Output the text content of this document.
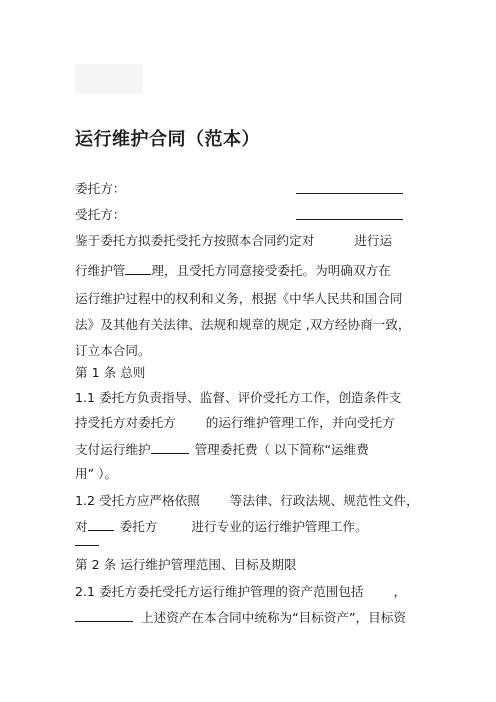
运行维护合同（范本）
委托方：
受托方：
鉴于委托方拟委托受托方按照本合同约定对	进行运
行维护管 理，且受托方同意接受委托。为明确双方在
运行维护过程中的权利和义务，根据《中华人民共和国合同
法》及其他有关法律、法规和规章的规定 ,双方经协商一致，
订立本合同。
第 1 条 总则
1.1 委托方负责指导、监督、评价受托方工作，创造条件支
持受托方对委托方 的运行维护管理工作，并向受托方
支付运行维护	管理委托费（ 以下简称“运维费
用” ）。
1.2 受托方应严格依照 等法律、行政法规、规范性文件，
对	委托方	进行专业的运行维护管理工作。
第 2 条 运行维护管理范围、目标及期限
2.1 委托方委托受托方运行维护管理的资产范围包括 ，
上述资产在本合同中统称为“目标资产”，目标资
